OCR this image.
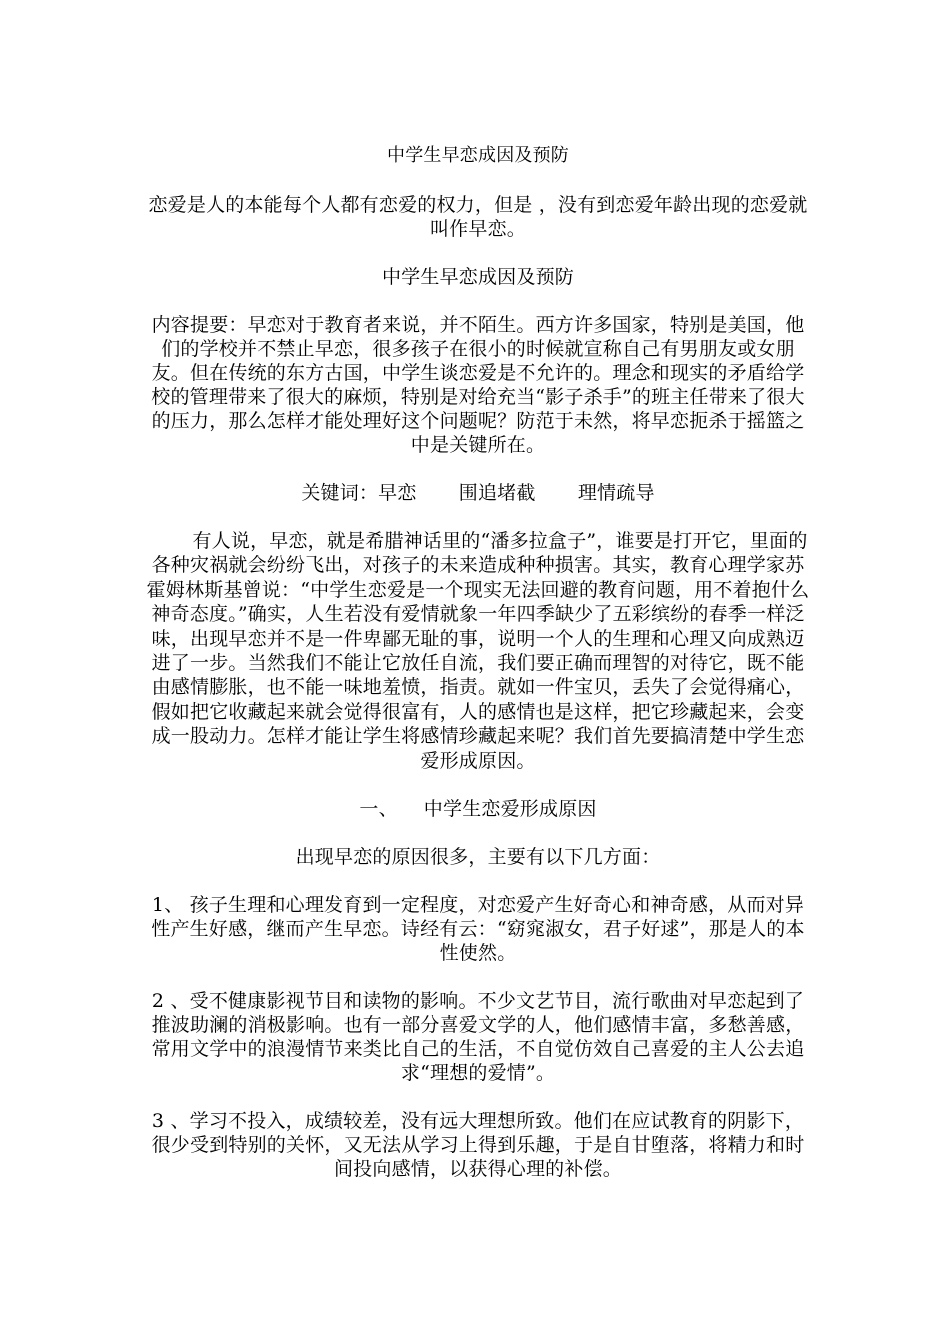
中学生早恋成因及预防

恋爱是人的本能每个人都有恋爱的权力，但是 ，没有到恋爱年龄出现的恋爱就叫作早恋。

中学生早恋成因及预防

内容提要：早恋对于教育者来说，并不陌生。西方许多国家，特别是美国，他们的学校并不禁止早恋，很多孩子在很小的时候就宣称自己有男朋友或女朋友。但在传统的东方古国，中学生谈恋爱是不允许的。理念和现实的矛盾给学校的管理带来了很大的麻烦，特别是对给充当“影子杀手”的班主任带来了很大的压力，那么怎样才能处理好这个问题呢？防范于未然，将早恋扼杀于摇篮之中是关键所在。

关键词：早恋 围追堵截 理情疏导

有人说，早恋，就是希腊神话里的“潘多拉盒子”，谁要是打开它，里面的各种灾祸就会纷纷飞出，对孩子的未来造成种种损害。其实，教育心理学家苏霍姆林斯基曾说：“中学生恋爱是一个现实无法回避的教育问题，用不着抱什么神奇态度。”确实，人生若没有爱情就象一年四季缺少了五彩缤纷的春季一样泛味，出现早恋并不是一件卑鄙无耻的事，说明一个人的生理和心理又向成熟迈进了一步。当然我们不能让它放任自流，我们要正确而理智的对待它，既不能由感情膨胀，也不能一味地羞愤，指责。就如一件宝贝，丢失了会觉得痛心，假如把它收藏起来就会觉得很富有，人的感情也是这样，把它珍藏起来，会变成一股动力。怎样才能让学生将感情珍藏起来呢？我们首先要搞清楚中学生恋爱形成原因。

一、 中学生恋爱形成原因

出现早恋的原因很多，主要有以下几方面：

1、 孩子生理和心理发育到一定程度，对恋爱产生好奇心和神奇感，从而对异性产生好感，继而产生早恋。诗经有云：“窈窕淑女，君子好逑”，那是人的本性使然。

2 、受不健康影视节目和读物的影响。不少文艺节目，流行歌曲对早恋起到了推波助澜的消极影响。也有一部分喜爱文学的人，他们感情丰富，多愁善感，常用文学中的浪漫情节来类比自己的生活，不自觉仿效自己喜爱的主人公去追求“理想的爱情”。

3 、学习不投入，成绩较差，没有远大理想所致。他们在应试教育的阴影下，很少受到特别的关怀，又无法从学习上得到乐趣，于是自甘堕落，将精力和时间投向感情，以获得心理的补偿。
